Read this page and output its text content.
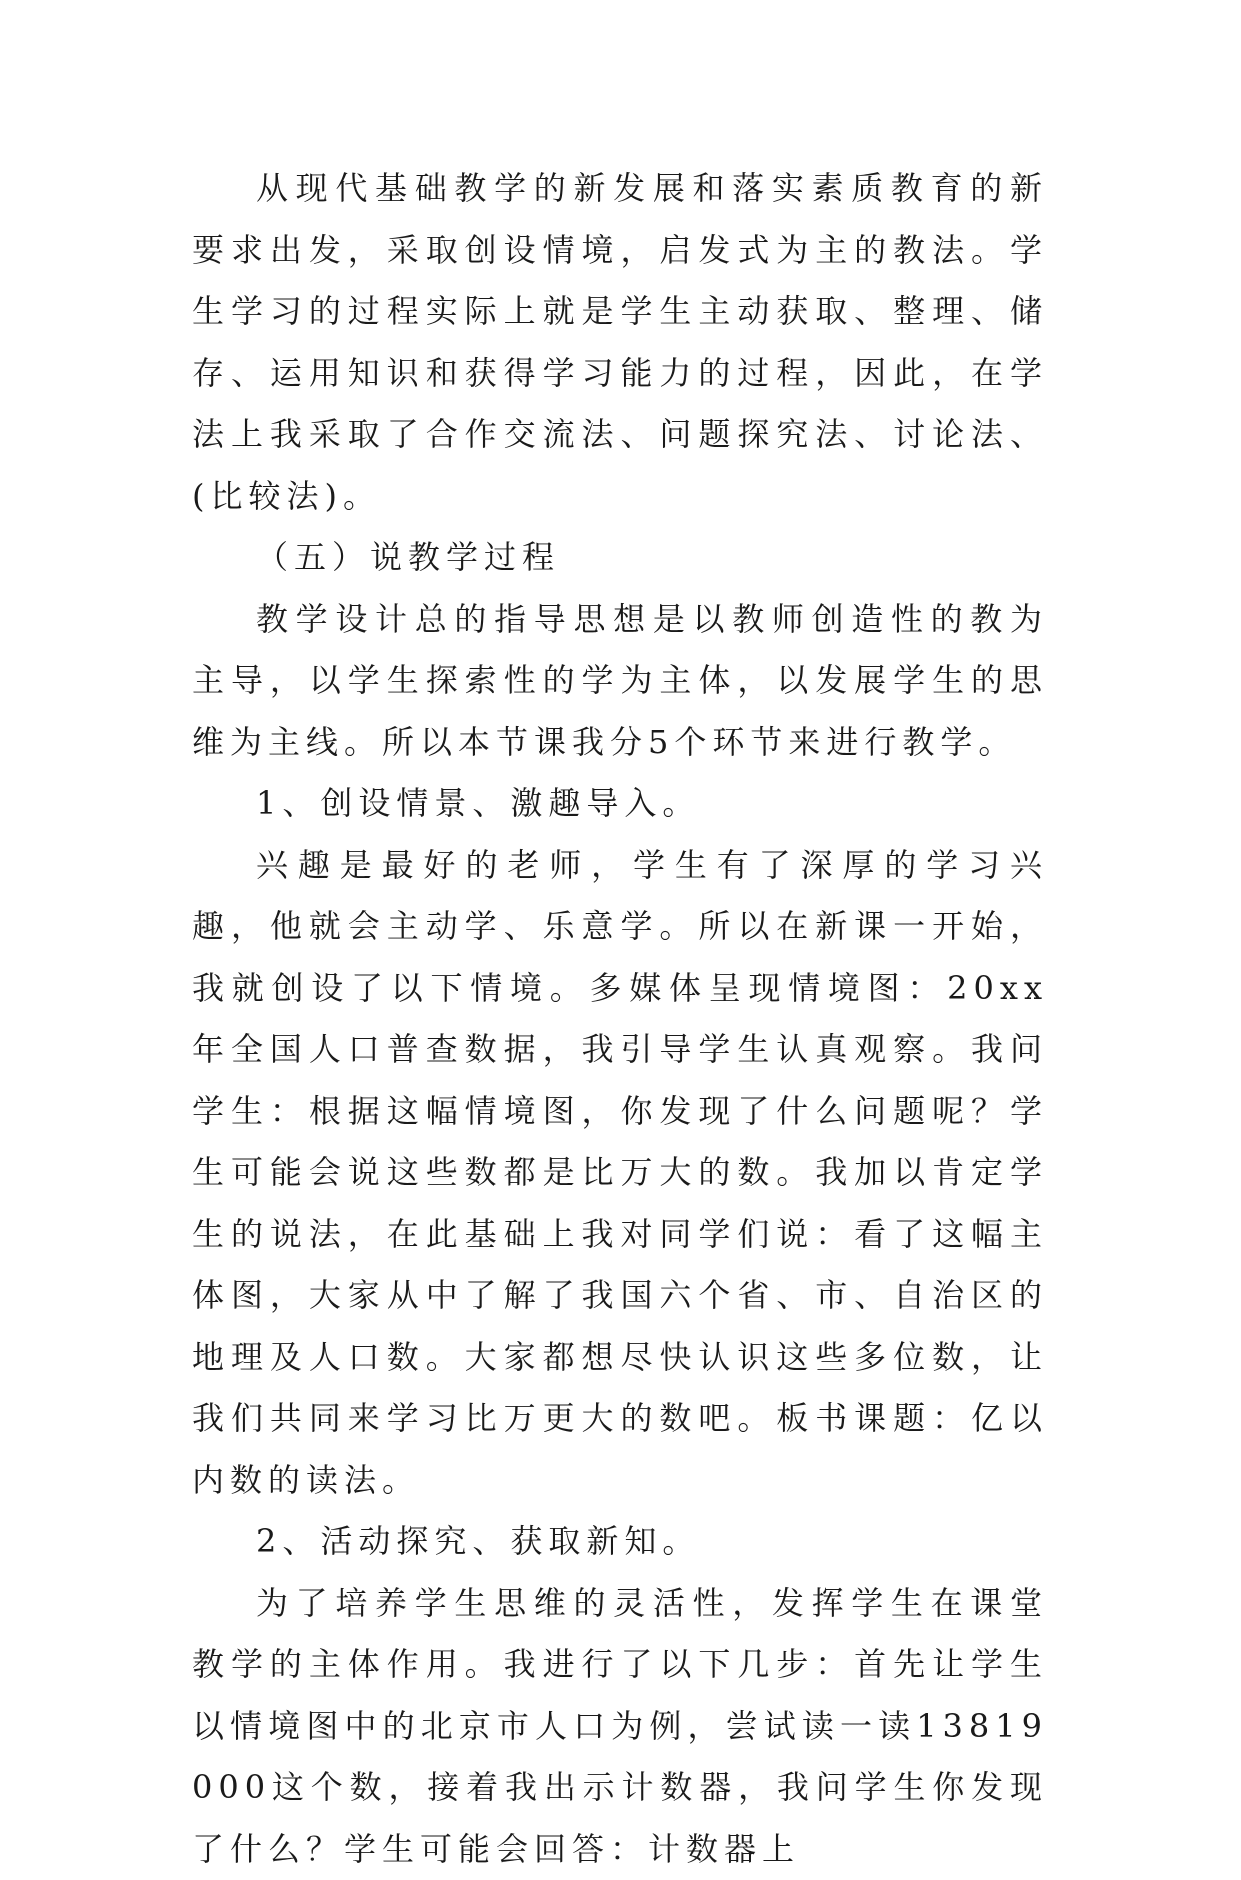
从现代基础教学的新发展和落实素质教育的新要求出发，采取创设情境，启发式为主的教法。学生学习的过程实际上就是学生主动获取、整理、储存、运用知识和获得学习能力的过程，因此，在学法上我采取了合作交流法、问题探究法、讨论法、(比较法)。

（五）说教学过程

教学设计总的指导思想是以教师创造性的教为主导，以学生探索性的学为主体，以发展学生的思维为主线。所以本节课我分5个环节来进行教学。

1、创设情景、激趣导入。

兴趣是最好的老师，学生有了深厚的学习兴趣，他就会主动学、乐意学。所以在新课一开始，我就创设了以下情境。多媒体呈现情境图：20xx年全国人口普查数据，我引导学生认真观察。我问学生：根据这幅情境图，你发现了什么问题呢？学生可能会说这些数都是比万大的数。我加以肯定学生的说法，在此基础上我对同学们说：看了这幅主体图，大家从中了解了我国六个省、市、自治区的地理及人口数。大家都想尽快认识这些多位数，让我们共同来学习比万更大的数吧。板书课题：亿以内数的读法。

2、活动探究、获取新知。

为了培养学生思维的灵活性，发挥学生在课堂教学的主体作用。我进行了以下几步：首先让学生以情境图中的北京市人口为例，尝试读一读13819000这个数，接着我出示计数器，我问学生你发现了什么？学生可能会回答：计数器上
